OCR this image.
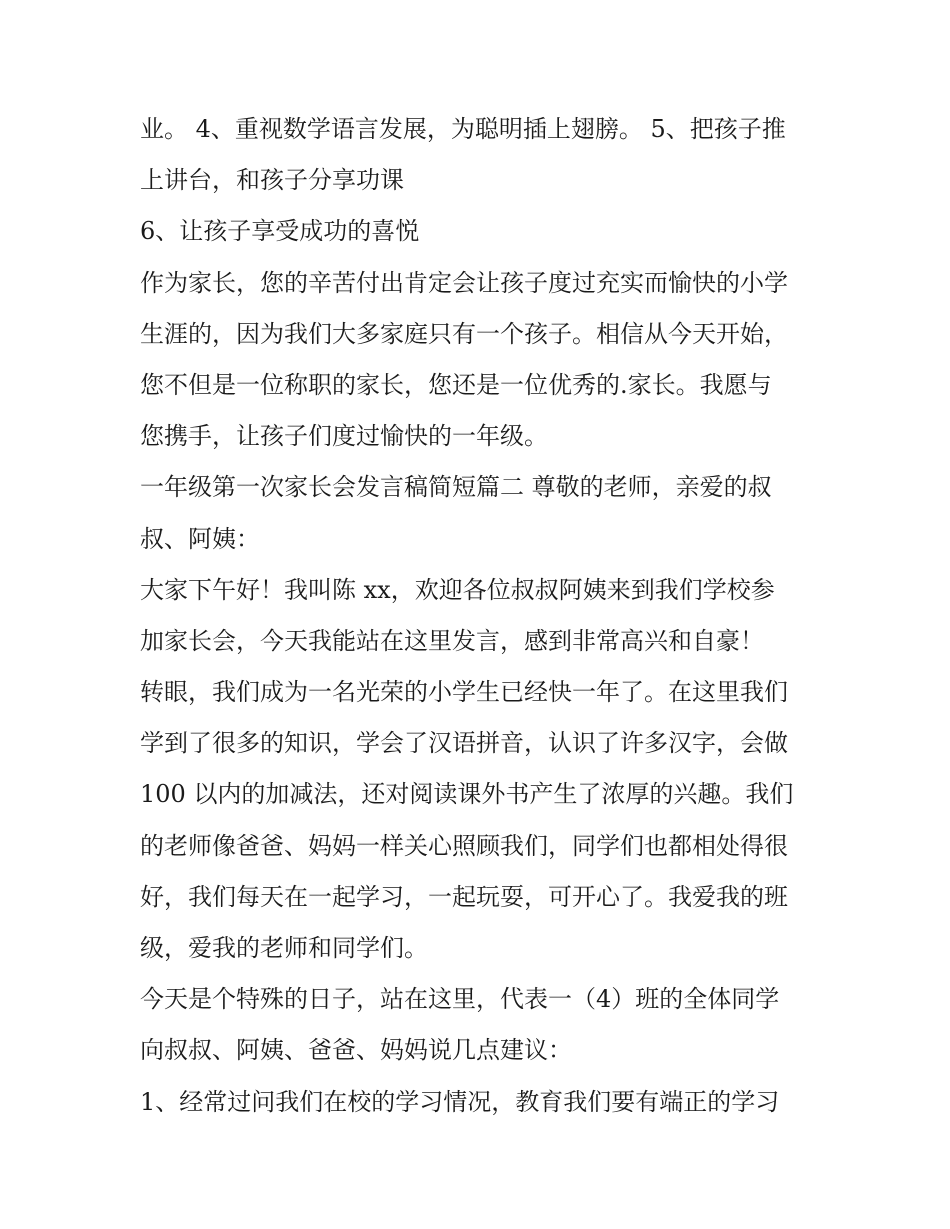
业。 4、重视数学语言发展，为聪明插上翅膀。 5、把孩子推
上讲台，和孩子分享功课
6、让孩子享受成功的喜悦
作为家长，您的辛苦付出肯定会让孩子度过充实而愉快的小学
生涯的，因为我们大多家庭只有一个孩子。相信从今天开始，
您不但是一位称职的家长，您还是一位优秀的.家长。我愿与
您携手，让孩子们度过愉快的一年级。
一年级第一次家长会发言稿简短篇二 尊敬的老师，亲爱的叔
叔、阿姨：
大家下午好！我叫陈 xx，欢迎各位叔叔阿姨来到我们学校参
加家长会，今天我能站在这里发言，感到非常高兴和自豪！
转眼，我们成为一名光荣的小学生已经快一年了。在这里我们
学到了很多的知识，学会了汉语拼音，认识了许多汉字，会做
100 以内的加减法，还对阅读课外书产生了浓厚的兴趣。我们
的老师像爸爸、妈妈一样关心照顾我们，同学们也都相处得很
好，我们每天在一起学习，一起玩耍，可开心了。我爱我的班
级，爱我的老师和同学们。
今天是个特殊的日子，站在这里，代表一（4）班的全体同学
向叔叔、阿姨、爸爸、妈妈说几点建议：
1、经常过问我们在校的学习情况，教育我们要有端正的学习
